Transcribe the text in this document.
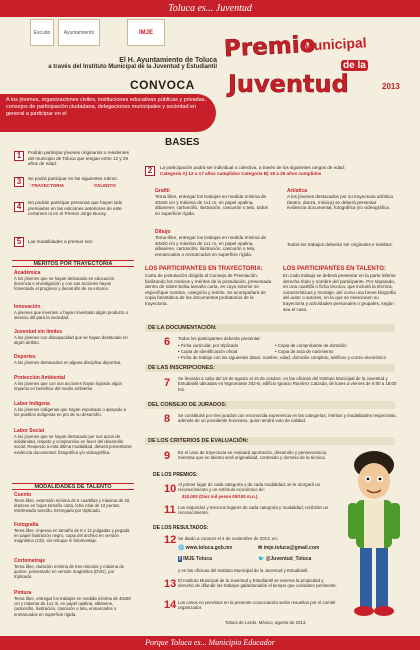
Toluca es... Juventud
Escudo	Ayuntamiento	IMJE
El H. Ayuntamiento de Toluca
a través del Instituto Municipal de la Juventud y Estudiantil
CONVOCA
Premio
Municipal
de la
Juventud	2013
A los jóvenes, organizaciones civiles, instituciones educativas públicas y privadas, consejos de participación ciudadana, delegaciones municipales y sociedad en general a participar en el
BASES
1	Podrán participar jóvenes originarios o residentes del municipio de Toluca que tengan entre 12 y 29 años de edad.
2	La participación podrá ser individual o colectiva, a través de los siguientes rangos de edad:
Categoría A) 12 a 17 años cumplidos Categoría B) 18 a 29 años cumplidos
3	Se podrá participar en los siguientes rubros:
-TRAYECTORIA	-TALENTO
4	No podrán participar personas que hayan sido premiados en las ediciones anteriores de este certamen ni en el Premio Jorge Bucay.
5	Las modalidades a premiar son:
Grafiti
Tema libre, entregar los trabajos en medida mínima de 40x50 cm y máxima de 1x1 m, en papel opalina, albanene, cartoncillo, ilustración, cascarón o tela, todos en superficie rígida.
Dibujo
Tema libre, entregar los trabajos en medida mínima de 40x50 cm y máxima de 1x1 m, en papel opalina, albanene, cartoncillo, ilustración, cascarón o tela, enmarcados o enmarcados en superficie rígida.
Artística
A los jóvenes destacados por su trayectoria artística (teatro, danza, música) se deberá presentar evidencia documental, fotográfica y/o videográfica.
Todos los trabajos deberán ser originales e inéditos.
MÉRITOS POR TRAYECTORIA
Académica
A los jóvenes que se hayan destacado en educación, docencia e investigación y con sus acciones hayan fomentado el progreso y desarrollo de su entorno.
Innovación
A jóvenes que inventen o hayan inventado algún producto o servicio útil para la sociedad.
Juventud sin límites
A los jóvenes con discapacidad que se hayan destacado en algún ámbito.
Deportes
A los jóvenes destacados en alguna disciplina deportiva.
Protección Ambiental
A los jóvenes que con sus acciones hayan logrado algún impacto en beneficio del medio ambiente.
Labor Indígena
A los jóvenes indígenas que hayan impulsado o apoyado a los pueblos indígenas en pro de su desarrollo.
Labor Social
A los jóvenes que se hayan destacado por sus actos de solidaridad, respeto y compromiso en favor del desarrollo social. Respecto a esta última modalidad, deberá presentarse evidencia documental, fotográfica y/o videográfica.
MODALIDADES DE TALENTO
Cuento
Tema libre, extensión mínima de 5 cuartillas y máxima de 20, impreso en hojas tamaño carta, letra Arial de 12 puntos, interlineado sencillo. Entregado por triplicado.
Fotografía
Tema libre, impresa en tamaño de 8 x 12 pulgadas y pegada en papel ilustración negro, copia del archivo en versión magnética (CD), sin retoque ni fotomontaje.
Cortometraje
Tema libre, duración mínima de tres minutos y máxima de quince, presentarlo en versión magnética (DVD), por triplicado.
Pintura
Tema libre, entregar los trabajos en medida mínima de 40x50 cm y máxima de 1x1 m, en papel opalina, albanene, cartoncillo, ilustración, cascarón o tela, enmarcados o enmarcados en superficie rígida.
LOS PARTICIPANTES EN TRAYECTORIA:
Carta de postulación dirigida al Consejo de Premiación, facilitando los motivos y méritos de la postulación, presentada dentro de sobre bolsa tamaño carta, en cuyo exterior se especifique nombre, categoría y mérito. Se acompañará de copia fotostática de los documentos probatorios de la trayectoria.
LOS PARTICIPANTES EN TALENTO:
En cada trabajo se deberá presentar en la parte inferior derecha título y nombre del participante. Por separado, en una cuartilla o ficha técnica, que incluirá la técnica, características y montaje, así como una breve biografía del autor o autores, en la que se mencionen su trayectoria y actividades personales o grupales, según sea el caso.
DE LA DOCUMENTACIÓN:
6	Todos los participantes deberán presentar:
• Ficha curricular, por triplicado	• Copia de comprobante de domicilio
• Copia de identificación oficial	• Copia de acta de nacimiento
• Ficha de trabajo con los siguientes datos: nombre, edad, domicilio completo, teléfono y correo electrónico
DE LAS INSCRIPCIONES:
7	Se llevarán a cabo del 19 de agosto al 15 de octubre, en las oficinas del Instituto Municipal de la Juventud y Estudiantil ubicadas en Nigromante 202-B, edificio Ignacio Ramírez Calzada, de lunes a viernes de 9:00 a 18:00 hrs.
DEL CONSEJO DE JURADOS:
8	Se constituirá por tres jurados con reconocida experiencia en las categorías, méritos y modalidades respectivas, además de un presidente honorario, quien tendrá voto de calidad.
DE LOS CRITERIOS DE EVALUACIÓN:
9	En el caso de trayectoria se evaluará aportación, desarrollo y perseverancia, mientras que en talento será originalidad, contenido y dominio de la técnica.
DE LOS PREMIOS:
10 Al primer lugar de cada categoría y de cada modalidad, se le otorgará un reconocimiento y un estímulo económico de:
$10,000 (Diez mil pesos 00/100 m.n.)
11 Los segundos y terceros lugares de cada categoría y modalidad, recibirán un reconocimiento.
DE LOS RESULTADOS:
12 Se darán a conocer el 4 de noviembre de 2013, en:
🌐 www.toluca.gob.mx	✉ imje.toluca@gmail.com
f IMJE Toluca	🐦 @Juventud_Toluca
y en las oficinas del Instituto Municipal de la Juventud y Estudiantil.
13 El Instituto Municipal de la Juventud y Estudiantil se reserva la propiedad y derecho de difundir los trabajos galardonados el tiempo que considere pertinente.
14 Los casos no previstos en la presente convocatoria serán resueltos por el comité organizador.
Toluca de Lerdo, México, agosto de 2013.
Porque Toluca es... Municipio Educador
